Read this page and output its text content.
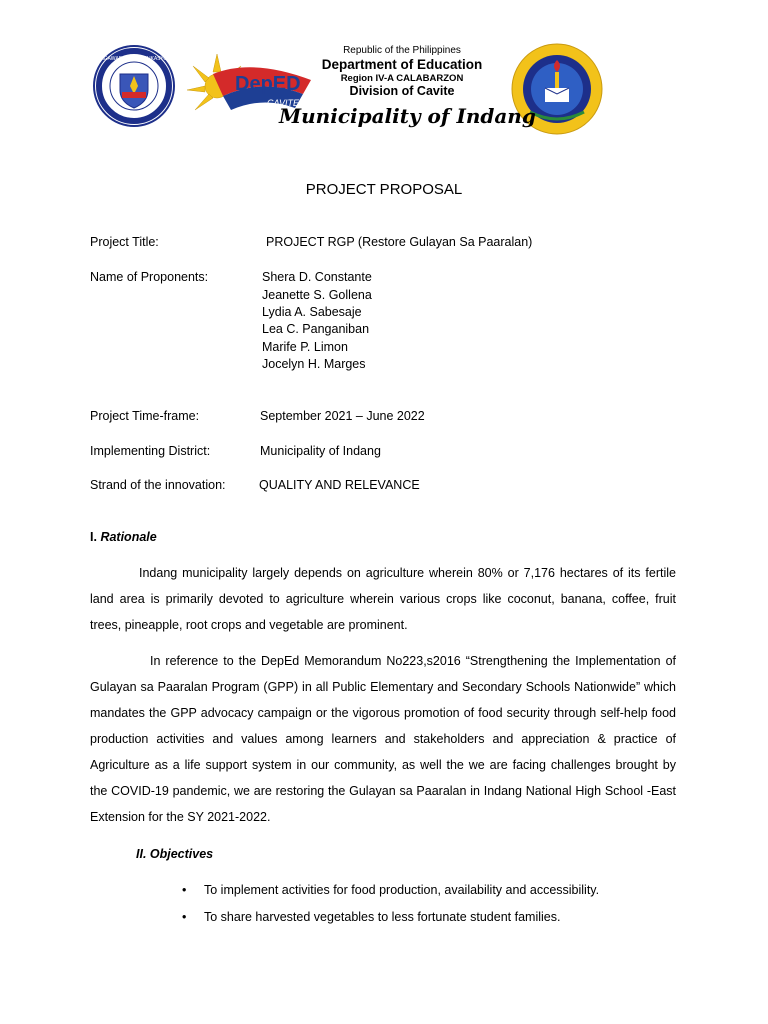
KAGAWARAN NG EDUKASYON
DepED
CAVITE
Republic of the Philippines
Department of Education
Region IV-A CALABARZON
Division of Cavite
Municipality of Indang
PROJECT PROPOSAL
Project Title:	PROJECT RGP (Restore Gulayan Sa Paaralan)
Name of Proponents:	Shera D. Constante
Jeanette S. Gollena
Lydia A. Sabesaje
Lea C. Panganiban
Marife P. Limon
Jocelyn H. Marges
Project Time-frame:	September 2021 – June 2022
Implementing District:	Municipality of Indang
Strand of the innovation:	QUALITY AND RELEVANCE
I. Rationale
Indang municipality largely depends on agriculture wherein 80% or 7,176 hectares of its fertile
land area is primarily devoted to agriculture wherein various crops like coconut, banana, coffee, fruit
trees, pineapple, root crops and vegetable are prominent.
In reference to the DepEd Memorandum No223,s2016 “Strengthening the Implementation of
Gulayan sa Paaralan Program (GPP) in all Public Elementary and Secondary Schools Nationwide” which
mandates the GPP advocacy campaign or the vigorous promotion of food security through self-help food
production activities and values among learners and stakeholders and appreciation & practice of
Agriculture as a life support system in our community, as well the we are facing challenges brought by
the COVID-19 pandemic, we are restoring the Gulayan sa Paaralan in Indang National High School -East
Extension for the SY 2021-2022.
II. Objectives
• To implement activities for food production, availability and accessibility.
• To share harvested vegetables to less fortunate student families.
